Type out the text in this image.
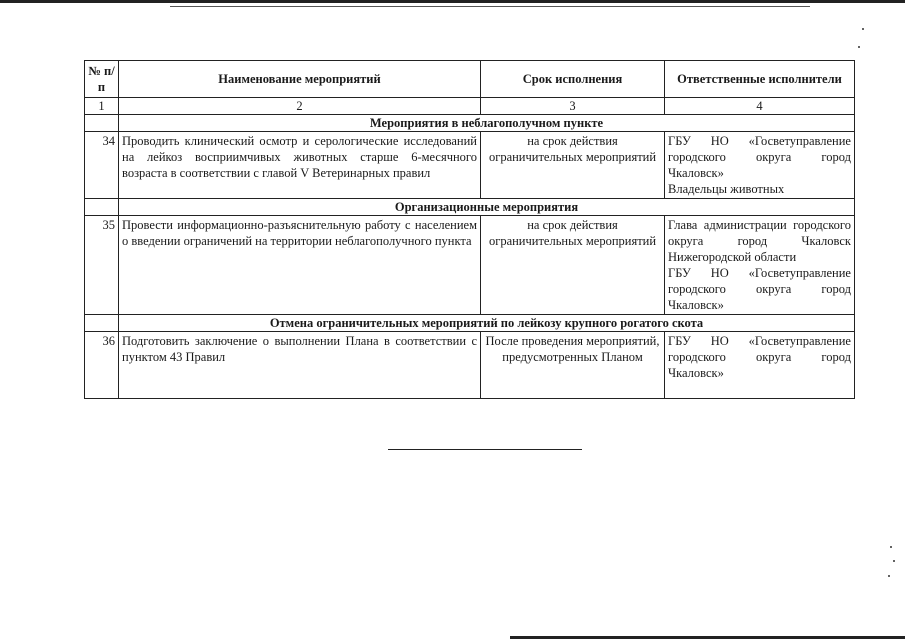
№ п/п	Наименование мероприятий	Срок исполнения	Ответственные исполнители
1	2	3	4
	Мероприятия в неблагополучном пункте		
34	Проводить клинический осмотр и серологические исследований на лейкоз восприимчивых животных старше 6-месячного возраста в соответствии с главой V Ветеринарных правил	на срок действия ограничительных мероприятий	ГБУ НО «Госветуправление городского округа город Чкаловск»
Владельцы животных

	Организационные мероприятия		
35	Провести информационно-разъяснительную работу с населением о введении ограничений на территории неблагополучного пункта	на срок действия ограничительных мероприятий	Глава администрации городского округа город Чкаловск Нижегородской области
ГБУ НО «Госветуправление городского округа город Чкаловск»

	Отмена ограничительных мероприятий по лейкозу крупного рогатого скота		
36	Подготовить заключение о выполнении Плана в соответствии с пунктом 43 Правил	После проведения мероприятий, предусмотренных Планом	ГБУ НО «Госветуправление городского округа город Чкаловск»
